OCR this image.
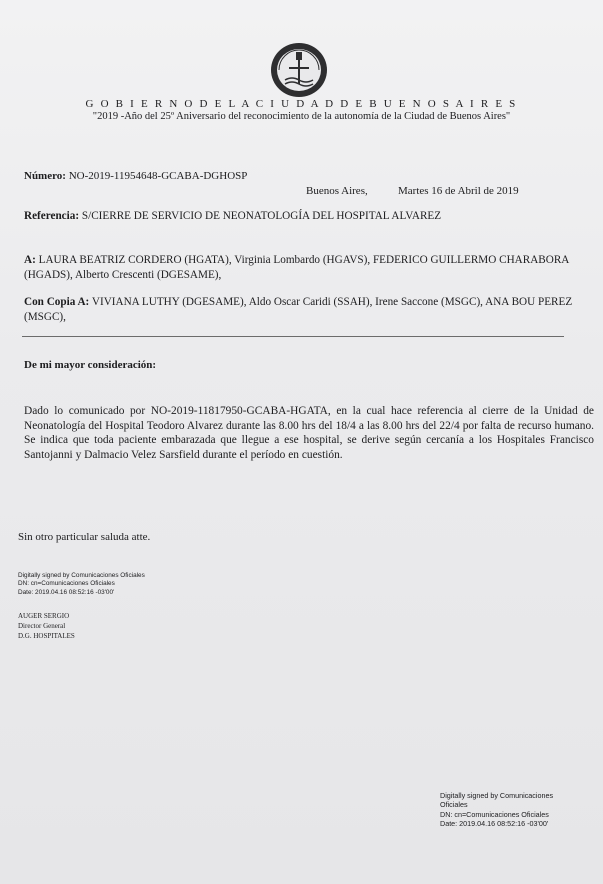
G O B I E R N O D E L A C I U D A D D E B U E N O S A I R E S
"2019 -Año del 25º Aniversario del reconocimiento de la autonomía de la Ciudad de Buenos Aires"
Número: NO-2019-11954648-GCABA-DGHOSP
Buenos Aires,	Martes 16 de Abril de 2019
Referencia: S/CIERRE DE SERVICIO DE NEONATOLOGÍA DEL HOSPITAL ALVAREZ
A: LAURA BEATRIZ CORDERO (HGATA), Virginia Lombardo (HGAVS), FEDERICO GUILLERMO CHARABORA (HGADS), Alberto Crescenti (DGESAME),
Con Copia A: VIVIANA LUTHY (DGESAME), Aldo Oscar Caridi (SSAH), Irene Saccone (MSGC), ANA BOU PEREZ (MSGC),
De mi mayor consideración:
Dado lo comunicado por NO-2019-11817950-GCABA-HGATA, en la cual hace referencia al cierre de la Unidad de Neonatología del Hospital Teodoro Alvarez durante las 8.00 hrs del 18/4 a las 8.00 hrs del 22/4 por falta de recurso humano. Se indica que toda paciente embarazada que llegue a ese hospital, se derive según cercanía a los Hospitales Francisco Santojanni y Dalmacio Velez Sarsfield durante el período en cuestión.
Sin otro particular saluda atte.
Digitally signed by Comunicaciones Oficiales
DN: cn=Comunicaciones Oficiales
Date: 2019.04.16 08:52:16 -03'00'
AUGER SERGIO
Director General
D.G. HOSPITALES
Digitally signed by Comunicaciones
Oficiales
DN: cn=Comunicaciones Oficiales
Date: 2019.04.16 08:52:16 -03'00'
